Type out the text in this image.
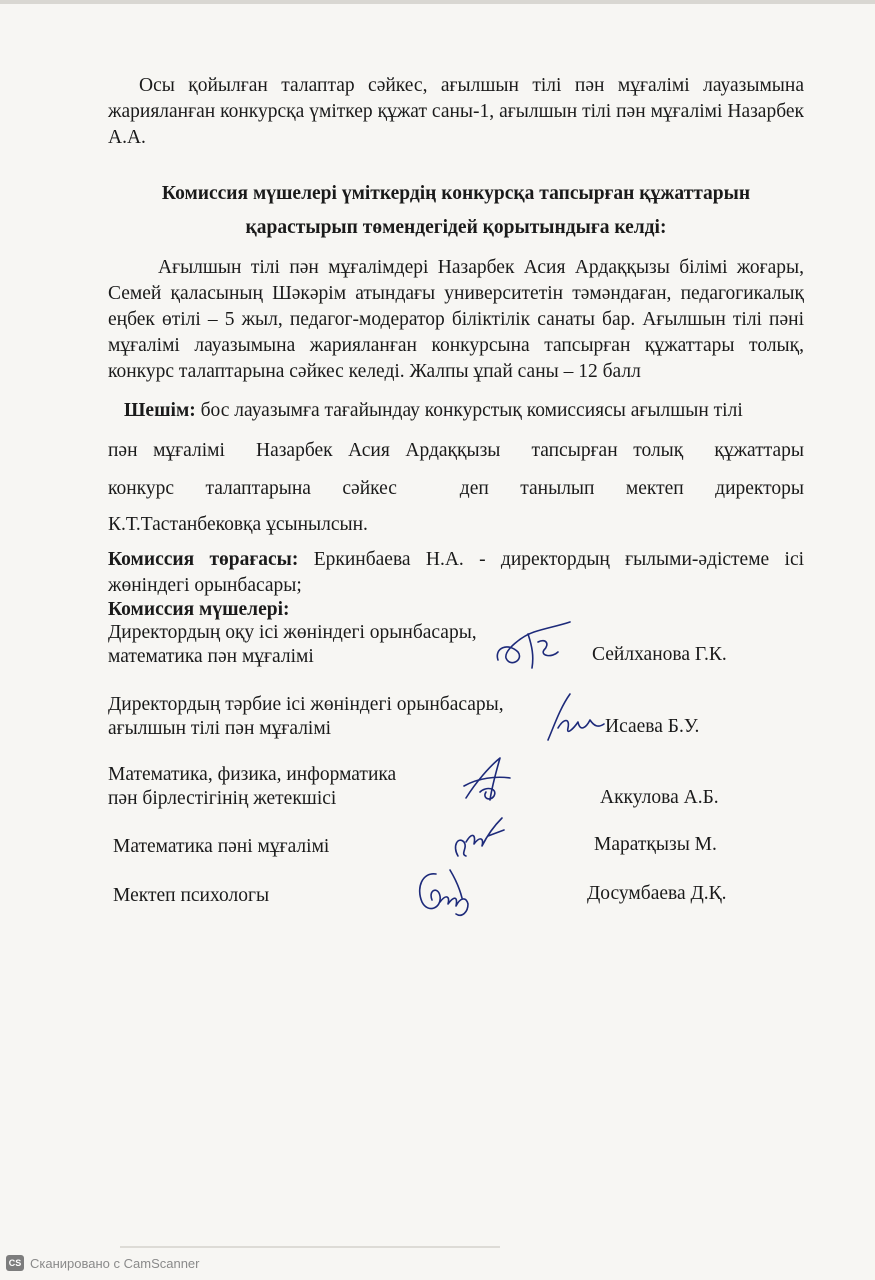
Осы қойылған талаптар сәйкес, ағылшын тілі пән мұғалімі лауазымына жарияланған конкурсқа үміткер құжат саны-1, ағылшын тілі пән мұғалімі Назарбек А.А.

Комиссия мүшелері үміткердің конкурсқа тапсырған құжаттарын

қарастырып төмендегідей қорытындыға келді:

Ағылшын тілі пән мұғалімдері Назарбек Асия Ардаққызы білімі жоғары, Семей қаласының Шәкәрім атындағы университетін тәмәндаған, педагогикалық еңбек өтілі – 5 жыл, педагог-модератор біліктілік санаты бар. Ағылшын тілі пәні мұғалімі лауазымына жарияланған конкурсына тапсырған құжаттары толық, конкурс талаптарына сәйкес келеді. Жалпы ұпай саны – 12 балл

Шешім: бос лауазымға тағайындау конкурстық комиссиясы ағылшын тілі
пән мұғалімі  Назарбек Асия Ардаққызы  тапсырған толық  құжаттары
конкурс талаптарына сәйкес  деп танылып мектеп директоры
К.Т.Тастанбековқа ұсынылсын.
Комиссия төрағасы: Еркинбаева Н.А. - директордың ғылыми-әдістеме ісі жөніндегі орынбасары;
Комиссия мүшелері:
Директордың оқу ісі жөніндегі орынбасары,
математика пән мұғалімі	Сейлханова Г.К.
Директордың тәрбие ісі жөніндегі орынбасары,
ағылшын тілі пән мұғалімі	Исаева Б.У.
Математика, физика, информатика
пән бірлестігінің жетекшісі	Аккулова А.Б.
Математика пәні мұғалімі	Маратқызы М.
Мектеп психологы	Досумбаева Д.Қ.
CS Сканировано с CamScanner
